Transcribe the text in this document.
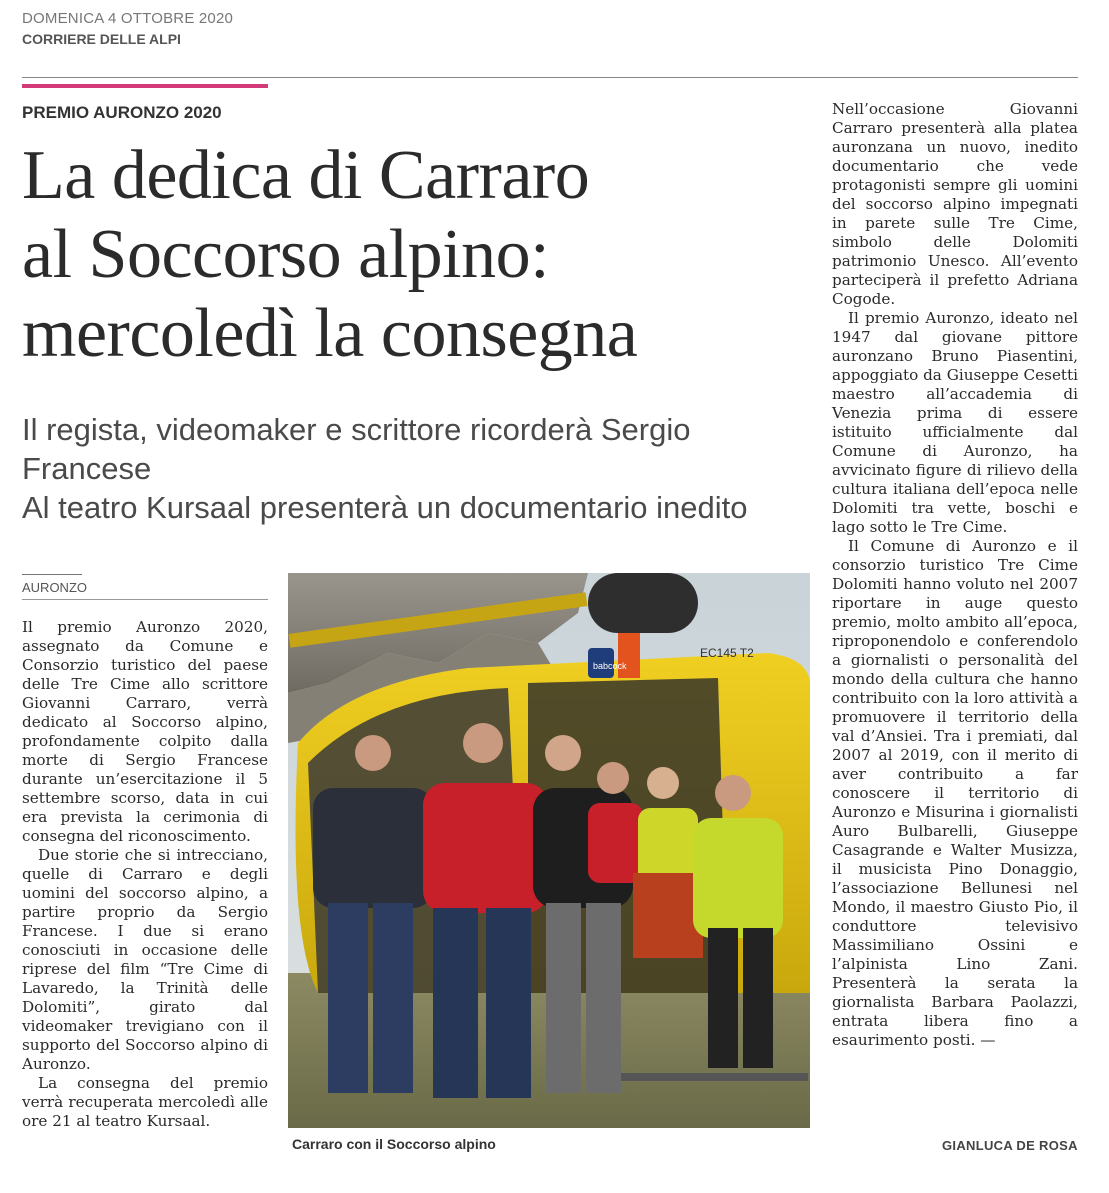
DOMENICA 4 OTTOBRE 2020
CORRIERE DELLE ALPI
PREMIO AURONZO 2020
La dedica di Carraro
al Soccorso alpino:
mercoledì la consegna
Il regista, videomaker e scrittore ricorderà Sergio Francese
Al teatro Kursaal presenterà un documentario inedito
AURONZO

Il premio Auronzo 2020, assegnato da Comune e Consorzio turistico del paese delle Tre Cime allo scrittore Giovanni Carraro, verrà dedicato al Soccorso alpino, profondamente colpito dalla morte di Sergio Francese durante un’esercitazione il 5 settembre scorso, data in cui era prevista la cerimonia di consegna del riconoscimento.

Due storie che si intrecciano, quelle di Carraro e degli uomini del soccorso alpino, a partire proprio da Sergio Francese. I due si erano conosciuti in occasione delle riprese del film “Tre Cime di Lavaredo, la Trinità delle Dolomiti”, girato dal videomaker trevigiano con il supporto del Soccorso alpino di Auronzo.

La consegna del premio verrà recuperata mercoledì alle ore 21 al teatro Kursaal.

babcock
EC145 T2
Carraro con il Soccorso alpino

Nell’occasione Giovanni Carraro presenterà alla platea auronzana un nuovo, inedito documentario che vede protagonisti sempre gli uomini del soccorso alpino impegnati in parete sulle Tre Cime, simbolo delle Dolomiti patrimonio Unesco. All’evento parteciperà il prefetto Adriana Cogode.

Il premio Auronzo, ideato nel 1947 dal giovane pittore auronzano Bruno Piasentini, appoggiato da Giuseppe Cesetti maestro all’accademia di Venezia prima di essere istituito ufficialmente dal Comune di Auronzo, ha avvicinato figure di rilievo della cultura italiana dell’epoca nelle Dolomiti tra vette, boschi e lago sotto le Tre Cime.

Il Comune di Auronzo e il consorzio turistico Tre Cime Dolomiti hanno voluto nel 2007 riportare in auge questo premio, molto ambito all’epoca, riproponendolo e conferendolo a giornalisti o personalità del mondo della cultura che hanno contribuito con la loro attività a promuovere il territorio della val d’Ansiei. Tra i premiati, dal 2007 al 2019, con il merito di aver contribuito a far conoscere il territorio di Auronzo e Misurina i giornalisti Auro Bulbarelli, Giuseppe Casagrande e Walter Musizza, il musicista Pino Donaggio, l’associazione Bellunesi nel Mondo, il maestro Giusto Pio, il conduttore televisivo Massimiliano Ossini e l’alpinista Lino Zani. Presenterà la serata la giornalista Barbara Paolazzi, entrata libera fino a esaurimento posti. —

GIANLUCA DE ROSA
